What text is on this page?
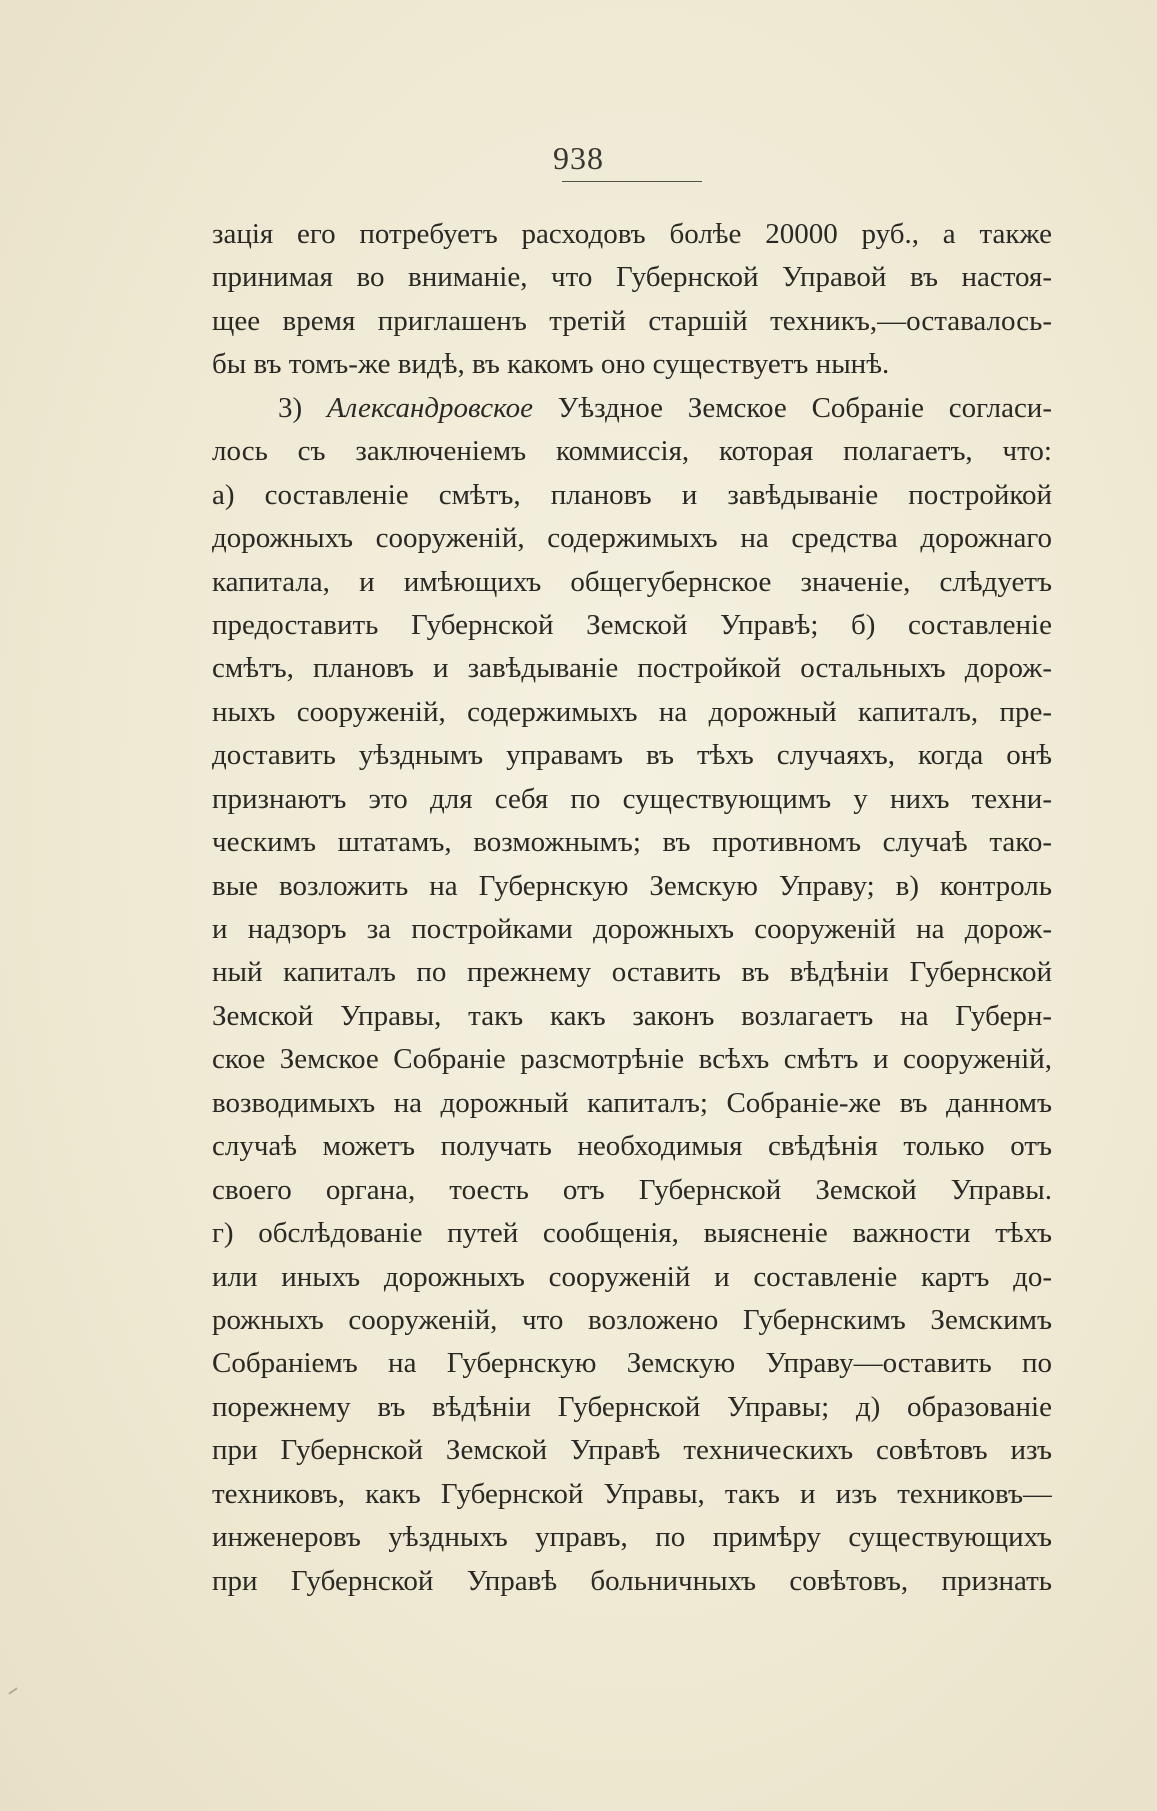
938
зація его потребуетъ расходовъ болѣе 20000 руб., а также
принимая во вниманіе, что Губернской Управой въ настоя-
щее время приглашенъ третій старшій техникъ,—оставалось-
бы въ томъ-же видѣ, въ какомъ оно существуетъ нынѣ.
3) Александровское Уѣздное Земское Собраніе согласи-
лось съ заключеніемъ коммиссія, которая полагаетъ, что:
а) составленіе смѣтъ, плановъ и завѣдываніе постройкой
дорожныхъ сооруженій, содержимыхъ на средства дорожнаго
капитала, и имѣющихъ общегубернское значеніе, слѣдуетъ
предоставить Губернской Земской Управѣ; б) составленіе
смѣтъ, плановъ и завѣдываніе постройкой остальныхъ дорож-
ныхъ сооруженій, содержимыхъ на дорожный капиталъ, пре-
доставить уѣзднымъ управамъ въ тѣхъ случаяхъ, когда онѣ
признаютъ это для себя по существующимъ у нихъ техни-
ческимъ штатамъ, возможнымъ; въ противномъ случаѣ тако-
вые возложить на Губернскую Земскую Управу; в) контроль
и надзоръ за постройками дорожныхъ сооруженій на дорож-
ный капиталъ по прежнему оставить въ вѣдѣніи Губернской
Земской Управы, такъ какъ законъ возлагаетъ на Губерн-
ское Земское Собраніе разсмотрѣніе всѣхъ смѣтъ и сооруженій,
возводимыхъ на дорожный капиталъ; Собраніе-же въ данномъ
случаѣ можетъ получать необходимыя свѣдѣнія только отъ
своего органа, тоесть отъ Губернской Земской Управы.
г) обслѣдованіе путей сообщенія, выясненіе важности тѣхъ
или иныхъ дорожныхъ сооруженій и составленіе картъ до-
рожныхъ сооруженій, что возложено Губернскимъ Земскимъ
Собраніемъ на Губернскую Земскую Управу—оставить по
порежнему въ вѣдѣніи Губернской Управы; д) образованіе
при Губернской Земской Управѣ техническихъ совѣтовъ изъ
техниковъ, какъ Губернской Управы, такъ и изъ техниковъ—
инженеровъ уѣздныхъ управъ, по примѣру существующихъ
при Губернской Управѣ больничныхъ совѣтовъ, признать
